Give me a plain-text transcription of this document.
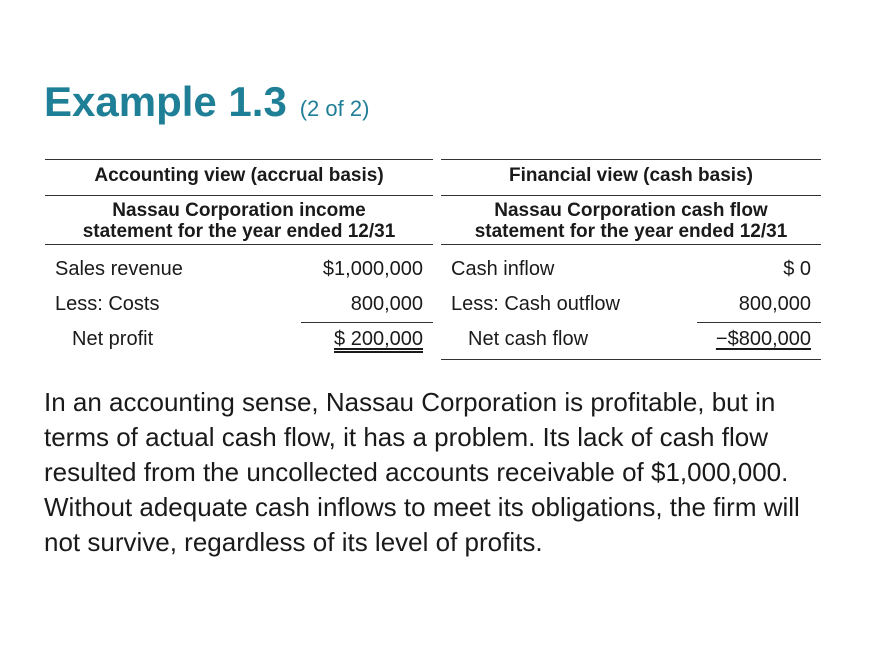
Example 1.3 (2 of 2)
Accounting view (accrual basis)
Nassau Corporation income
statement for the year ended 12/31
Sales revenue	$1,000,000
Less: Costs	800,000
Net profit	$ 200,000
Financial view (cash basis)
Nassau Corporation cash flow
statement for the year ended 12/31
Cash inflow	$ 0
Less: Cash outflow	800,000
Net cash flow	−$800,000

In an accounting sense, Nassau Corporation is profitable, but in terms of actual cash flow, it has a problem. Its lack of cash flow resulted from the uncollected accounts receivable of $1,000,000. Without adequate cash inflows to meet its obligations, the firm will not survive, regardless of its level of profits.
